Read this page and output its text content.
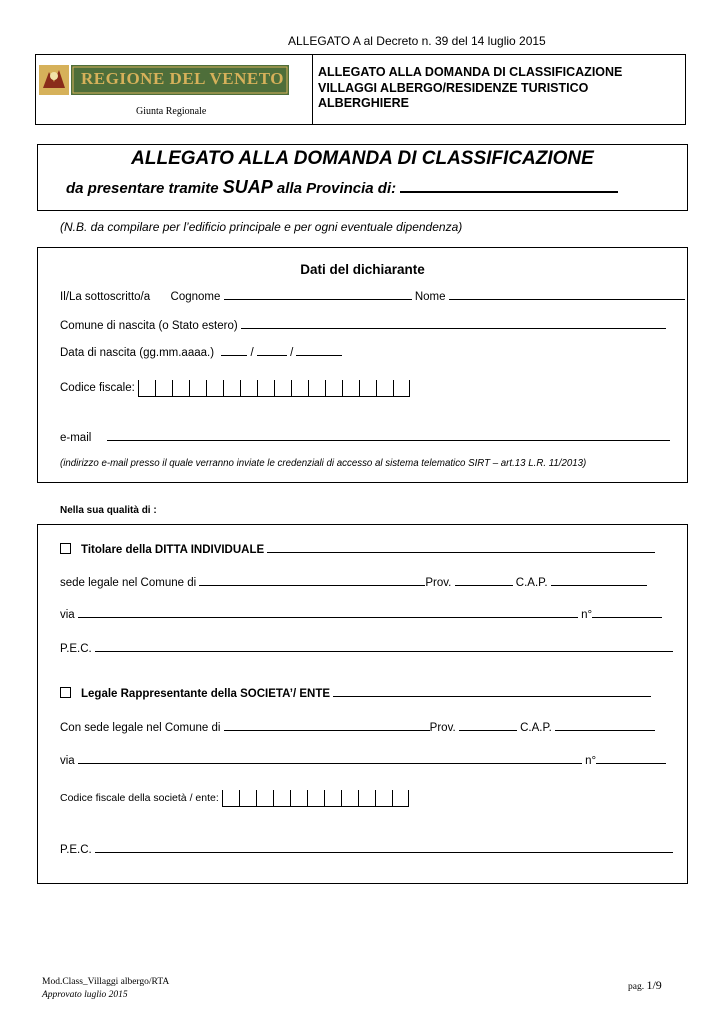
ALLEGATO A al Decreto n. 39 del 14 luglio 2015
REGIONE DEL VENETO
Giunta Regionale
ALLEGATO ALLA DOMANDA DI CLASSIFICAZIONE
VILLAGGI ALBERGO/RESIDENZE TURISTICO
ALBERGHIERE
ALLEGATO ALLA DOMANDA DI CLASSIFICAZIONE
da presentare tramite SUAP alla Provincia di:
(N.B. da compilare per l’edificio principale e per ogni eventuale dipendenza)
Dati del dichiarante
Il/La sottoscritto/a Cognome	Nome
Comune di nascita (o Stato estero)
Data di nascita (gg.mm.aaaa.)	/	/
Codice fiscale:
e-mail
(indirizzo e-mail presso il quale verranno inviate le credenziali di accesso al sistema telematico SIRT – art.13 L.R. 11/2013)
Nella sua qualità di :
Titolare della DITTA INDIVIDUALE
sede legale nel Comune di	Prov.	C.A.P.
via	n°
P.E.C.
Legale Rappresentante della SOCIETA’/ ENTE
Con sede legale nel Comune di	Prov.	C.A.P.
via	n°
Codice fiscale della società / ente:
P.E.C.
Mod.Class_Villaggi albergo/RTA
Approvato luglio 2015
pag. 1/9
